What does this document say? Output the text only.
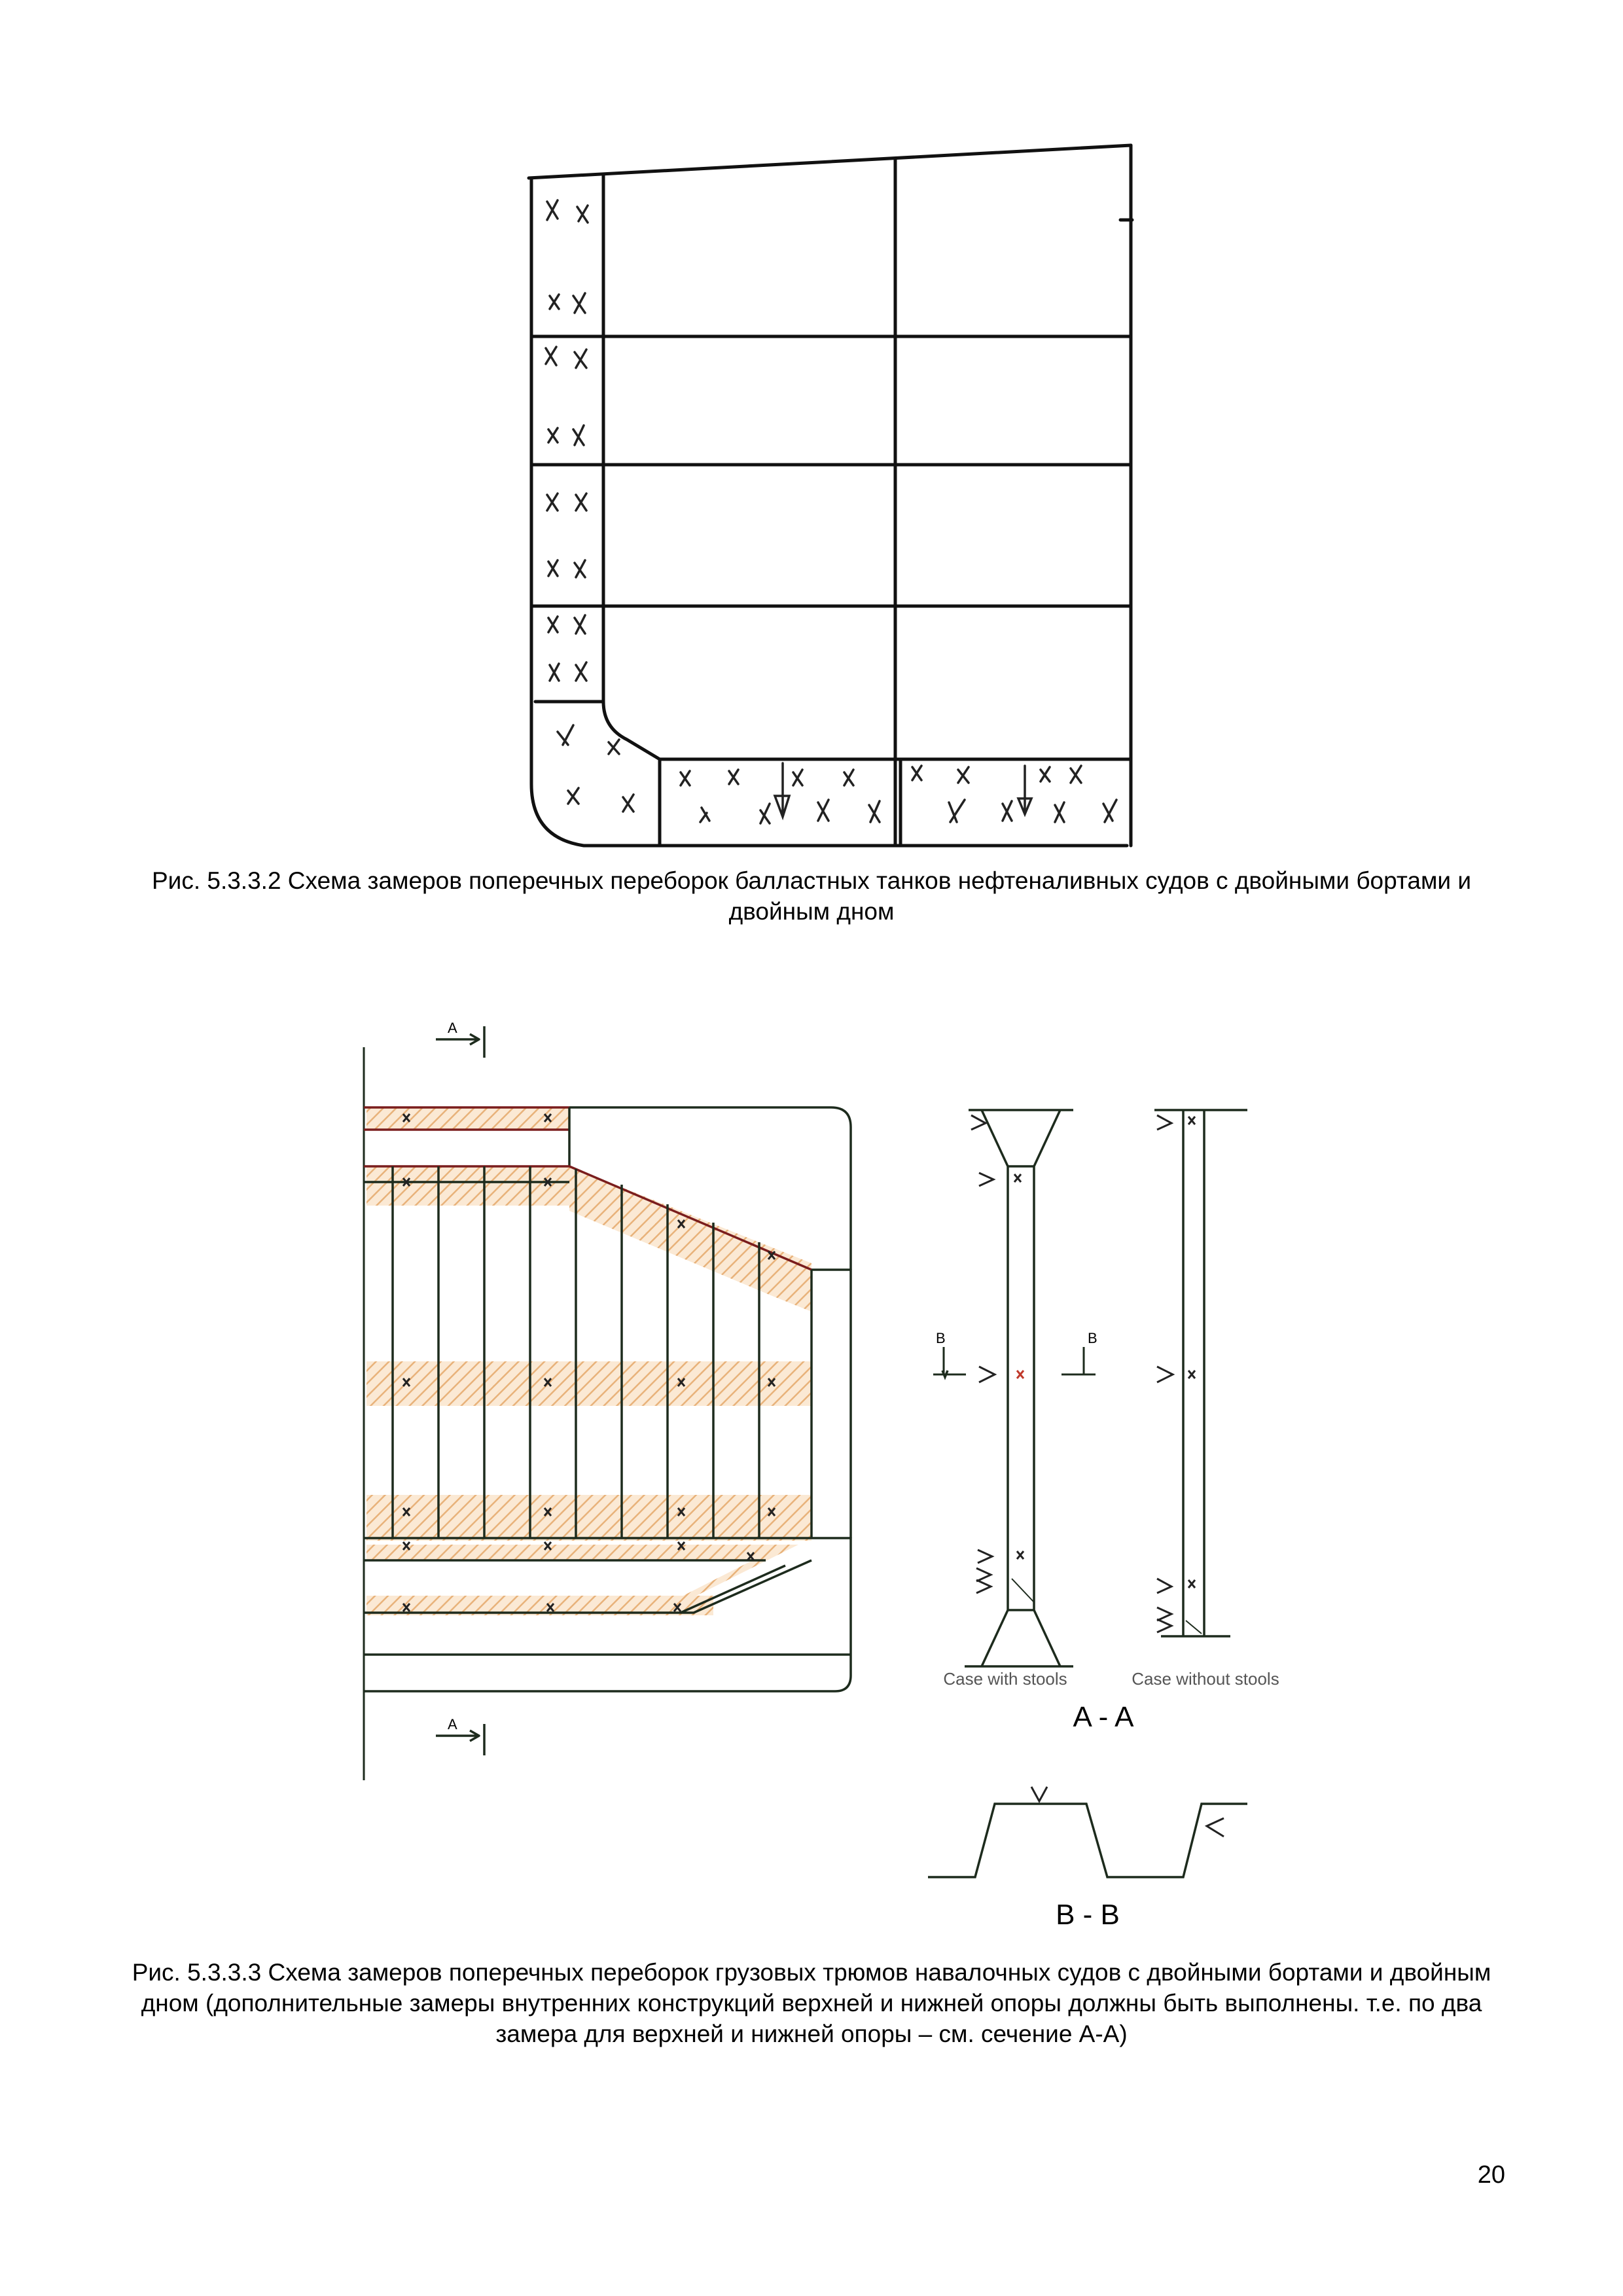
Рис. 5.3.3.2 Схема замеров поперечных переборок балластных танков нефтеналивных судов с двойными бортами и двойным дном
A
A
B	B
Case with stools	Case without stools
A - A
B - B
Рис. 5.3.3.3 Схема замеров поперечных переборок грузовых трюмов навалочных судов с двойными бортами и двойным дном (дополнительные замеры внутренних конструкций верхней и нижней опоры должны быть выполнены. т.е. по два замера для верхней и нижней опоры – см. сечение А-А)
20
